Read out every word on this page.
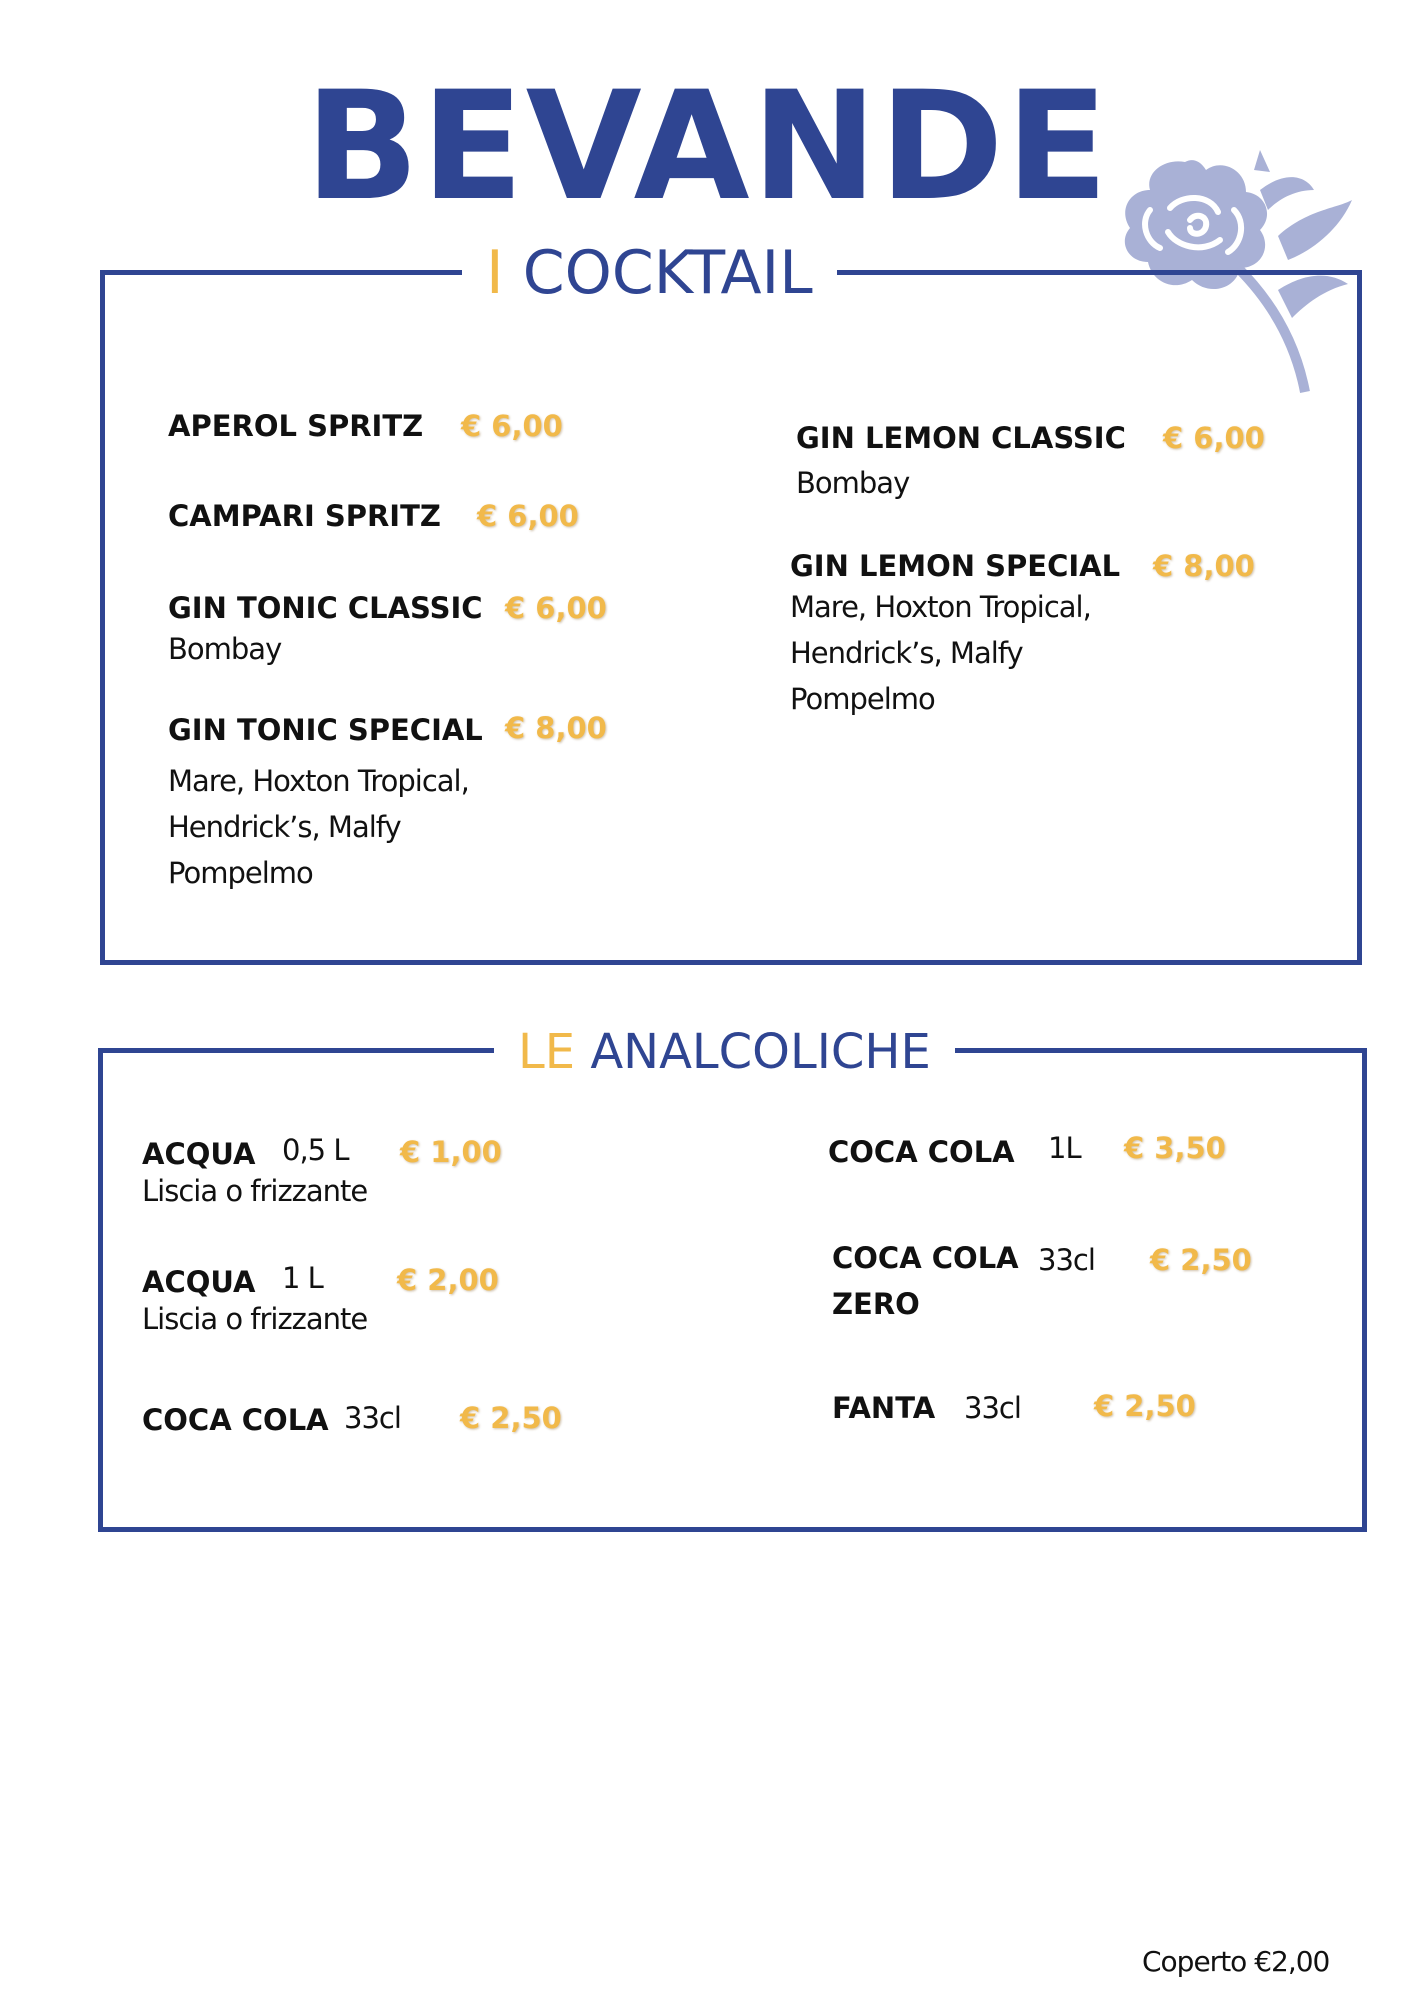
BEVANDE
I COCKTAIL
APEROL SPRITZ € 6,00
CAMPARI SPRITZ € 6,00
GIN TONIC CLASSIC € 6,00
Bombay
GIN TONIC SPECIAL € 8,00
Mare, Hoxton Tropical,
Hendrick’s, Malfy
Pompelmo
GIN LEMON CLASSIC € 6,00
Bombay
GIN LEMON SPECIAL € 8,00
Mare, Hoxton Tropical,
Hendrick’s, Malfy
Pompelmo
LE ANALCOLICHE
ACQUA 0,5 L € 1,00
Liscia o frizzante
ACQUA 1 L	€ 2,00
Liscia o frizzante
COCA COLA 33cl € 2,50
COCA COLA 1L € 3,50
COCA COLA
ZERO
33cl € 2,50
FANTA 33cl	€ 2,50
Coperto €2,00
